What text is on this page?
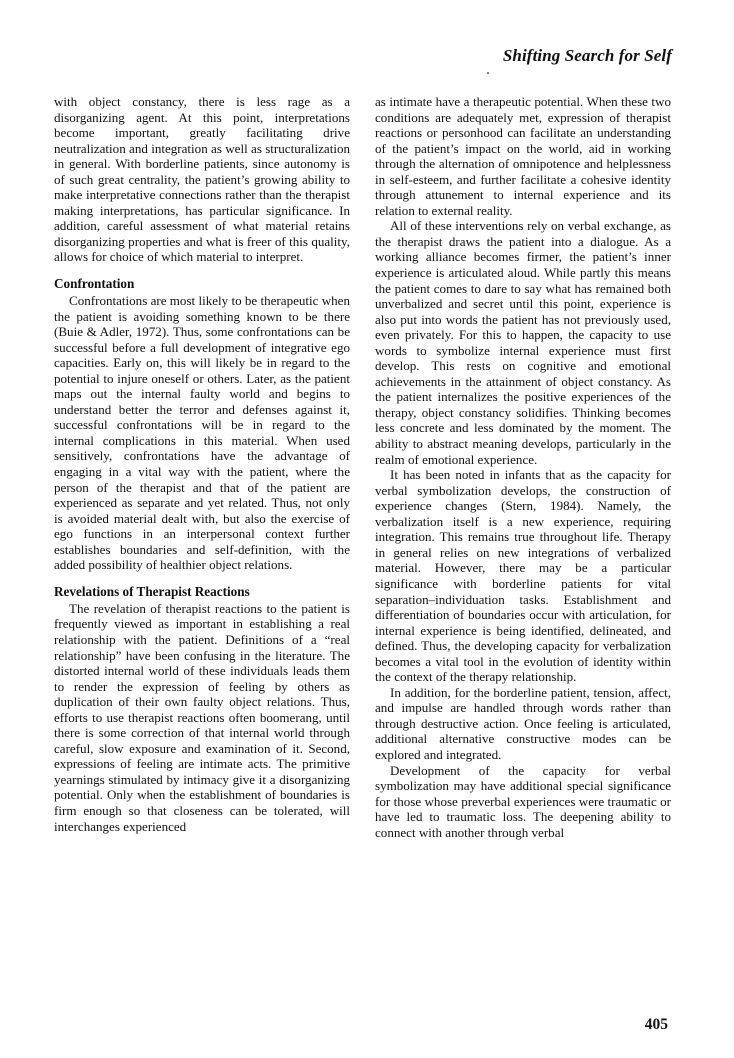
Shifting Search for Self

with object constancy, there is less rage as a disorganizing agent. At this point, interpretations become important, greatly facilitating drive neutralization and integration as well as structuralization in general. With borderline patients, since autonomy is of such great centrality, the patient’s growing ability to make interpretative connections rather than the therapist making interpretations, has particular significance. In addition, careful assessment of what material retains disorganizing properties and what is freer of this quality, allows for choice of which material to interpret.

Confrontation

Confrontations are most likely to be therapeutic when the patient is avoiding something known to be there (Buie & Adler, 1972). Thus, some confrontations can be successful before a full development of integrative ego capacities. Early on, this will likely be in regard to the potential to injure oneself or others. Later, as the patient maps out the internal faulty world and begins to understand better the terror and defenses against it, successful confrontations will be in regard to the internal complications in this material. When used sensitively, confrontations have the advantage of engaging in a vital way with the patient, where the person of the therapist and that of the patient are experienced as separate and yet related. Thus, not only is avoided material dealt with, but also the exercise of ego functions in an interpersonal context further establishes boundaries and self-definition, with the added possibility of healthier object relations.

Revelations of Therapist Reactions

The revelation of therapist reactions to the patient is frequently viewed as important in establishing a real relationship with the patient. Definitions of a “real relationship” have been confusing in the literature. The distorted internal world of these individuals leads them to render the expression of feeling by others as duplication of their own faulty object relations. Thus, efforts to use therapist reactions often boomerang, until there is some correction of that internal world through careful, slow exposure and examination of it. Second, expressions of feeling are intimate acts. The primitive yearnings stimulated by intimacy give it a disorganizing potential. Only when the establishment of boundaries is firm enough so that closeness can be tolerated, will interchanges experienced

as intimate have a therapeutic potential. When these two conditions are adequately met, expression of therapist reactions or personhood can facilitate an understanding of the patient’s impact on the world, aid in working through the alternation of omnipotence and helplessness in self-esteem, and further facilitate a cohesive identity through attunement to internal experience and its relation to external reality.

All of these interventions rely on verbal exchange, as the therapist draws the patient into a dialogue. As a working alliance becomes firmer, the patient’s inner experience is articulated aloud. While partly this means the patient comes to dare to say what has remained both unverbalized and secret until this point, experience is also put into words the patient has not previously used, even privately. For this to happen, the capacity to use words to symbolize internal experience must first develop. This rests on cognitive and emotional achievements in the attainment of object constancy. As the patient internalizes the positive experiences of the therapy, object constancy solidifies. Thinking becomes less concrete and less dominated by the moment. The ability to abstract meaning develops, particularly in the realm of emotional experience.

It has been noted in infants that as the capacity for verbal symbolization develops, the construction of experience changes (Stern, 1984). Namely, the verbalization itself is a new experience, requiring integration. This remains true throughout life. Therapy in general relies on new integrations of verbalized material. However, there may be a particular significance with borderline patients for vital separation–individuation tasks. Establishment and differentiation of boundaries occur with articulation, for internal experience is being identified, delineated, and defined. Thus, the developing capacity for verbalization becomes a vital tool in the evolution of identity within the context of the therapy relationship.

In addition, for the borderline patient, tension, affect, and impulse are handled through words rather than through destructive action. Once feeling is articulated, additional alternative constructive modes can be explored and integrated.

Development of the capacity for verbal symbolization may have additional special significance for those whose preverbal experiences were traumatic or have led to traumatic loss. The deepening ability to connect with another through verbal

405
